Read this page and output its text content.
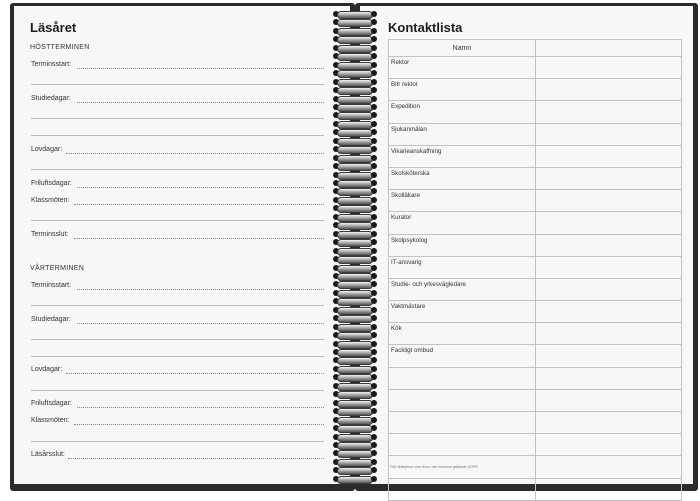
Läsåret
HÖSTTERMINEN
Terminsstart:
Studiedagar:
Lovdagar:
Friluftsdagar:
Klassmöten:
Terminsslut:
VÅRTERMINEN
Terminsstart:
Studiedagar:
Lovdagar:
Friluftsdagar:
Klassmöten:
Läsårsslut:
Kontaktlista
Namn	
Rektor	
Bitr rektor	
Expedition	
Sjukanmälan	
Vikarieanskaffning	
Skolsköterska	
Skolläkare	
Kurator	
Skolpsykolog	
IT-ansvarig	
Studie- och yrkesvägledare	
Vaktmästare	
Kök	
Fackligt ombud	

Följ riktlinjerna som finns i din kommun gällande GDPR
